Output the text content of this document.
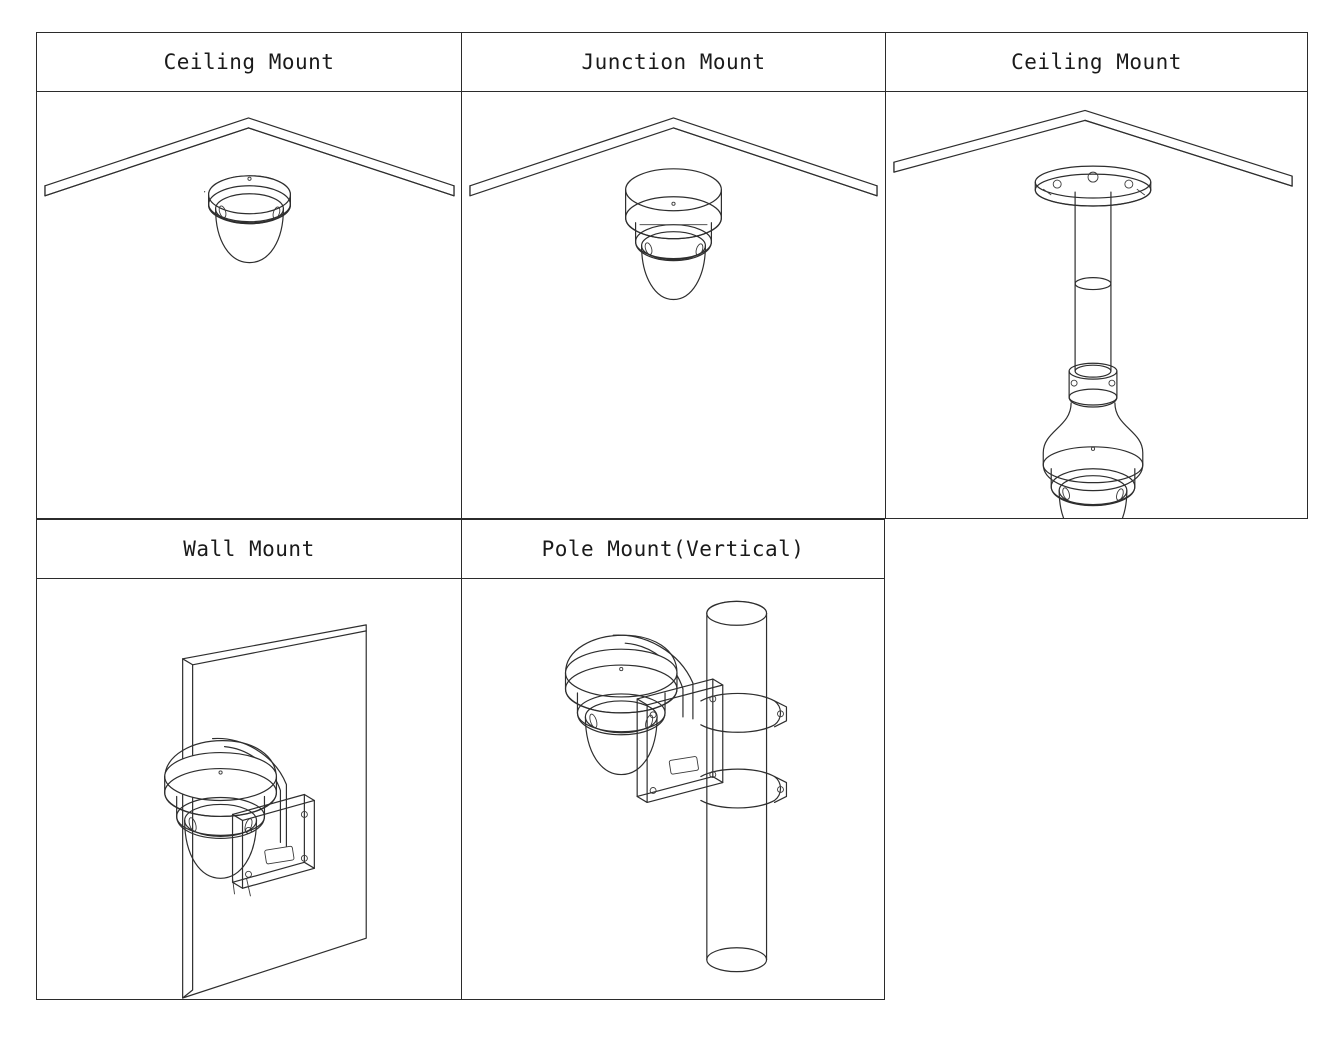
Ceiling Mount	Junction Mount	Ceiling Mount
Wall Mount	Pole Mount(Vertical)
